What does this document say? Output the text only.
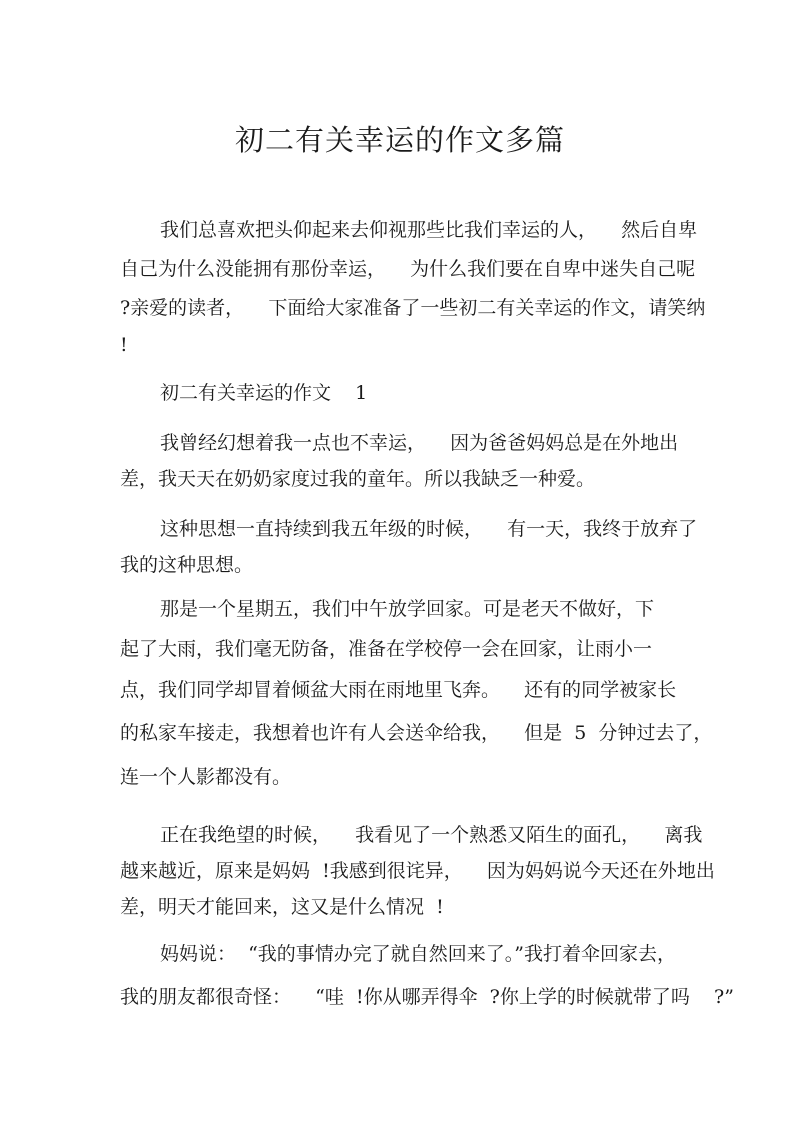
初二有关幸运的作文多篇
我们总喜欢把头仰起来去仰视那些比我们幸运的人，    然后自卑
自己为什么没能拥有那份幸运，    为什么我们要在自卑中迷失自己呢
?亲爱的读者，    下面给大家准备了一些初二有关幸运的作文，请笑纳
!
初二有关幸运的作文    1
我曾经幻想着我一点也不幸运，    因为爸爸妈妈总是在外地出
差，我天天在奶奶家度过我的童年。所以我缺乏一种爱。
这种思想一直持续到我五年级的时候，    有一天，我终于放弃了
我的这种思想。
那是一个星期五，我们中午放学回家。可是老天不做好，下
起了大雨，我们毫无防备，准备在学校停一会在回家，让雨小一
点，我们同学却冒着倾盆大雨在雨地里飞奔。    还有的同学被家长
的私家车接走，我想着也许有人会送伞给我，    但是  5  分钟过去了，
连一个人影都没有。
正在我绝望的时候，    我看见了一个熟悉又陌生的面孔，    离我
越来越近，原来是妈妈  !我感到很诧异，    因为妈妈说今天还在外地出
差，明天才能回来，这又是什么情况  !
妈妈说：  “我的事情办完了就自然回来了。”我打着伞回家去，
我的朋友都很奇怪：    “哇  !你从哪弄得伞  ?你上学的时候就带了吗    ?”
